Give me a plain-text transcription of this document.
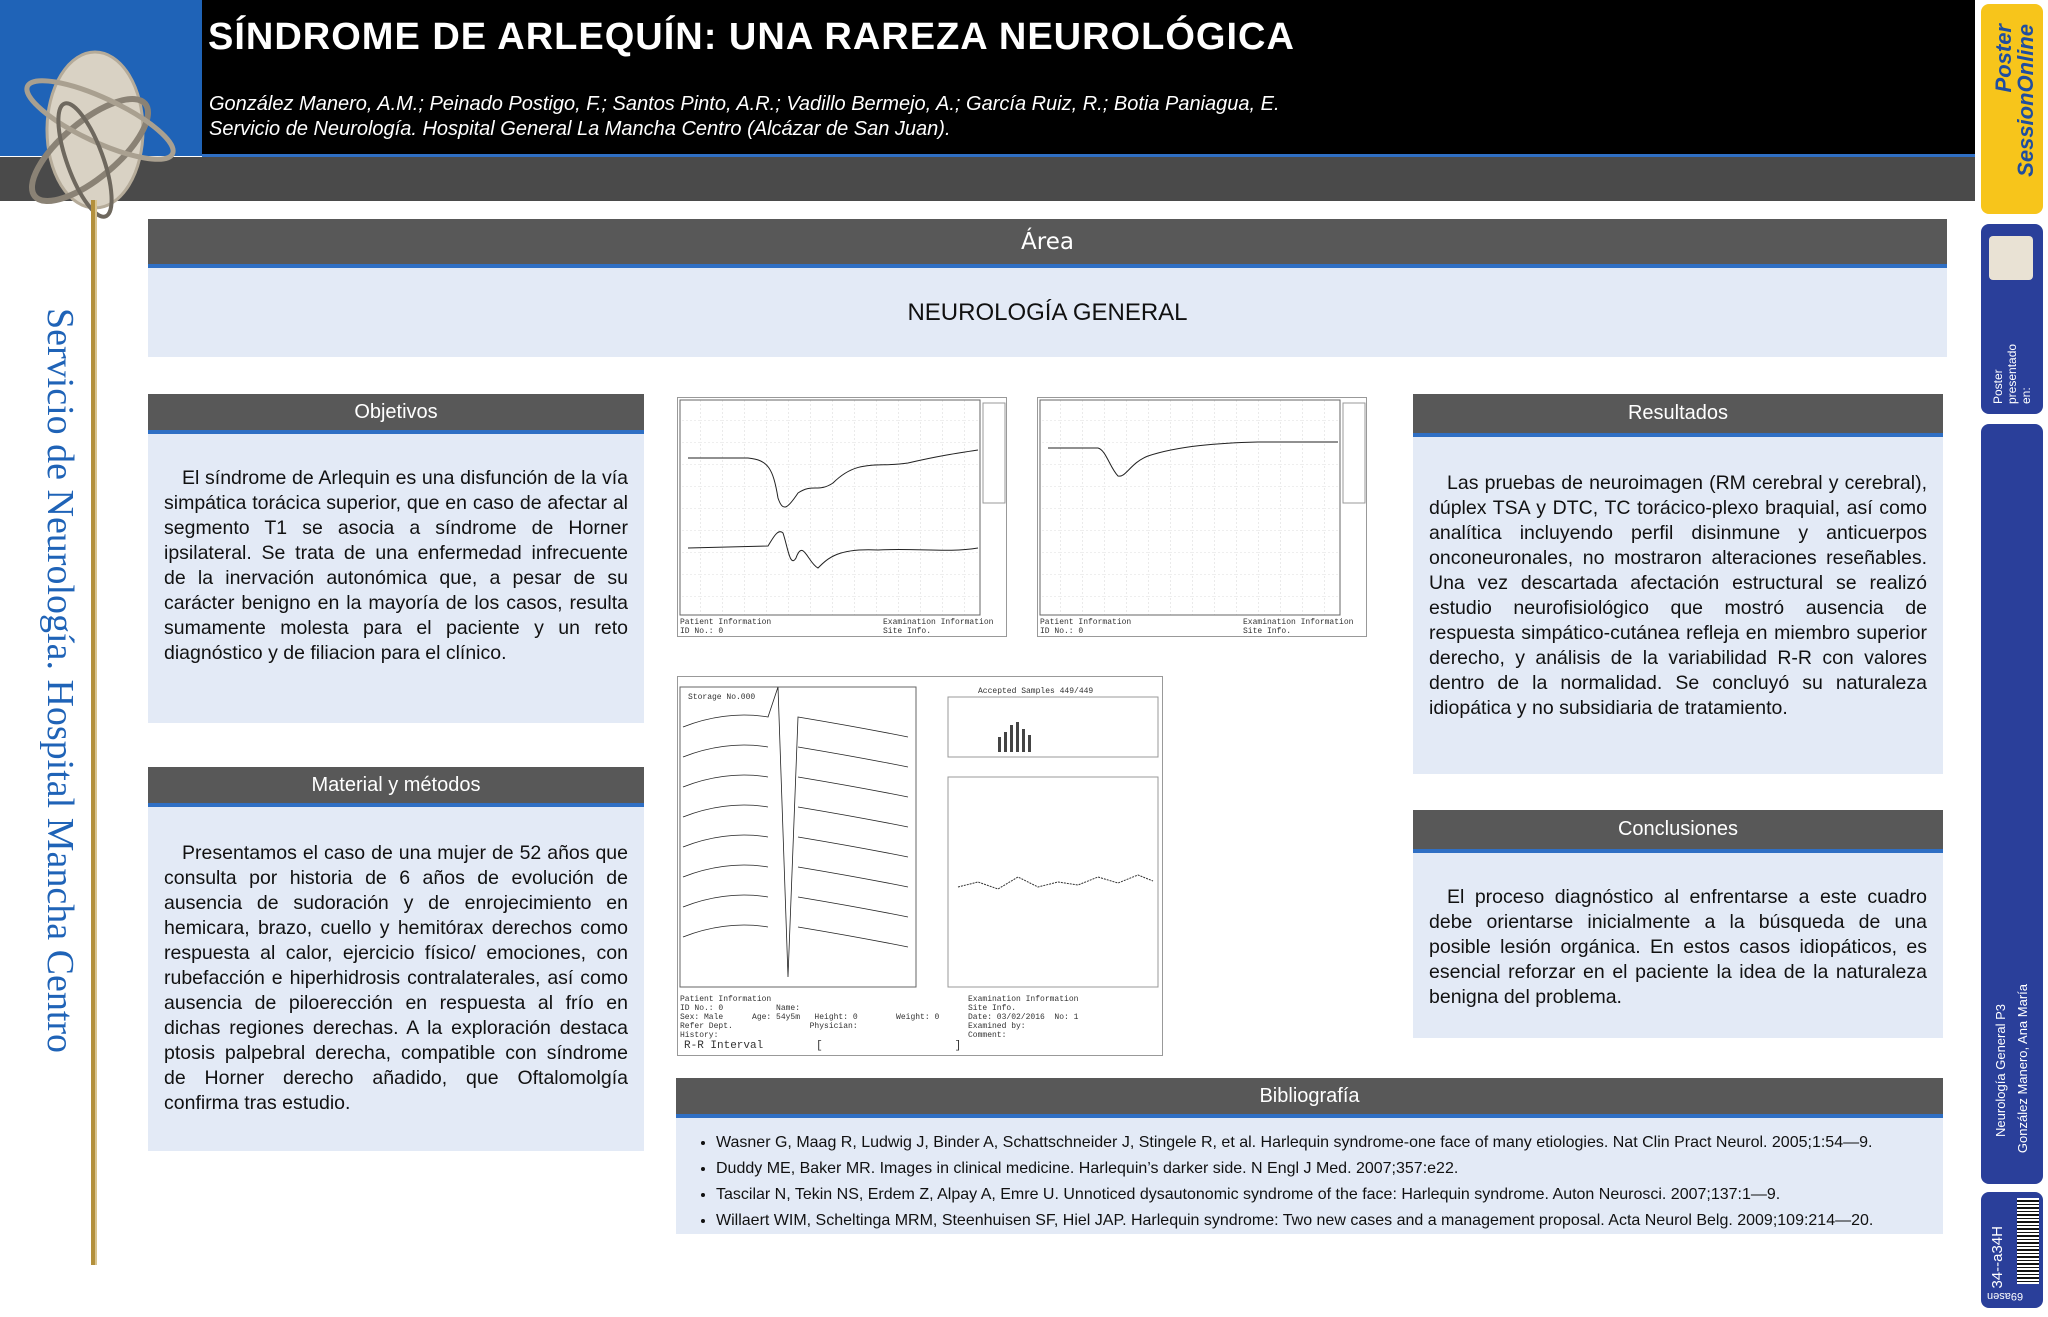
SÍNDROME DE ARLEQUÍN: UNA RAREZA NEUROLÓGICA
González Manero, A.M.; Peinado Postigo, F.; Santos Pinto, A.R.; Vadillo Bermejo, A.; García Ruiz, R.; Botia Paniagua, E.
Servicio de Neurología. Hospital General La Mancha Centro (Alcázar de San Juan).
Servicio de Neurología. Hospital Mancha Centro
Área
NEUROLOGÍA GENERAL
Objetivos

El síndrome de Arlequin es una disfunción de la vía simpática torácica superior, que en caso de afectar al segmento T1 se asocia a síndrome de Horner ipsilateral. Se trata de una enfermedad infrecuente de la inervación autonómica que, a pesar de su carácter benigno en la mayoría de los casos, resulta sumamente molesta para el paciente y un reto diagnóstico y de filiacion para el clínico.

Material y métodos

Presentamos el caso de una mujer de 52 años que consulta por historia de 6 años de evolución de ausencia de sudoración y de enrojecimiento en hemicara, brazo, cuello y hemitórax derechos como respuesta al calor, ejercicio físico/ emociones, con rubefacción e hiperhidrosis contralaterales, así como ausencia de piloerección en respuesta al frío en dichas regiones derechas. A la exploración destaca ptosis palpebral derecha, compatible con síndrome de Horner derecho añadido, que Oftalomolgía confirma tras estudio.

Resultados

Las pruebas de neuroimagen (RM cerebral y cerebral), dúplex TSA y DTC, TC torácico-plexo braquial, así como analítica incluyendo perfil disinmune y anticuerpos onconeuronales, no mostraron alteraciones reseñables. Una vez descartada afectación estructural se realizó estudio neurofisiológico que mostró ausencia de respuesta simpático-cutánea refleja en miembro superior derecho, y análisis de la variabilidad R-R con valores dentro de la normalidad. Se concluyó su naturaleza idiopática y no subsidiaria de tratamiento.

Conclusiones

El proceso diagnóstico al enfrentarse a este cuadro debe orientarse inicialmente a la búsqueda de una posible lesión orgánica. En estos casos idiopáticos, es esencial reforzar en el paciente la idea de la naturaleza benigna del problema.

Bibliografía
• Wasner G, Maag R, Ludwig J, Binder A, Schattschneider J, Stingele R, et al. Harlequin syndrome-one face of many etiologies. Nat Clin Pract Neurol. 2005;1:54—9.
• Duddy ME, Baker MR. Images in clinical medicine. Harlequin’s darker side. N Engl J Med. 2007;357:e22.
• Tascilar N, Tekin NS, Erdem Z, Alpay A, Emre U. Unnoticed dysautonomic syndrome of the face: Harlequin syndrome. Auton Neurosci. 2007;137:1—9.
• Willaert WIM, Scheltinga MRM, Steenhuisen SF, Hiel JAP. Harlequin syndrome: Two new cases and a management proposal. Acta Neurol Belg. 2009;109:214—20.
Patient Information
ID No.: 0

Examination Information
Site Info.

Patient Information
ID No.: 0

Examination Information
Site Info.

Storage No.000
Accepted Samples 449/449
Patient Information
ID No.: 0           Name:
Sex: Male      Age: 54y5m   Height: 0        Weight: 0
Refer Dept.                Physician:
History:
Examination Information
Site Info.
Date: 03/02/2016  No: 1
Examined by:
Comment:
R-R Interval        [                    ]
Poster
SessionOnline
Poster presentado en:
Neurología General P3 González Manero, Ana María
34--a34H
69asen
